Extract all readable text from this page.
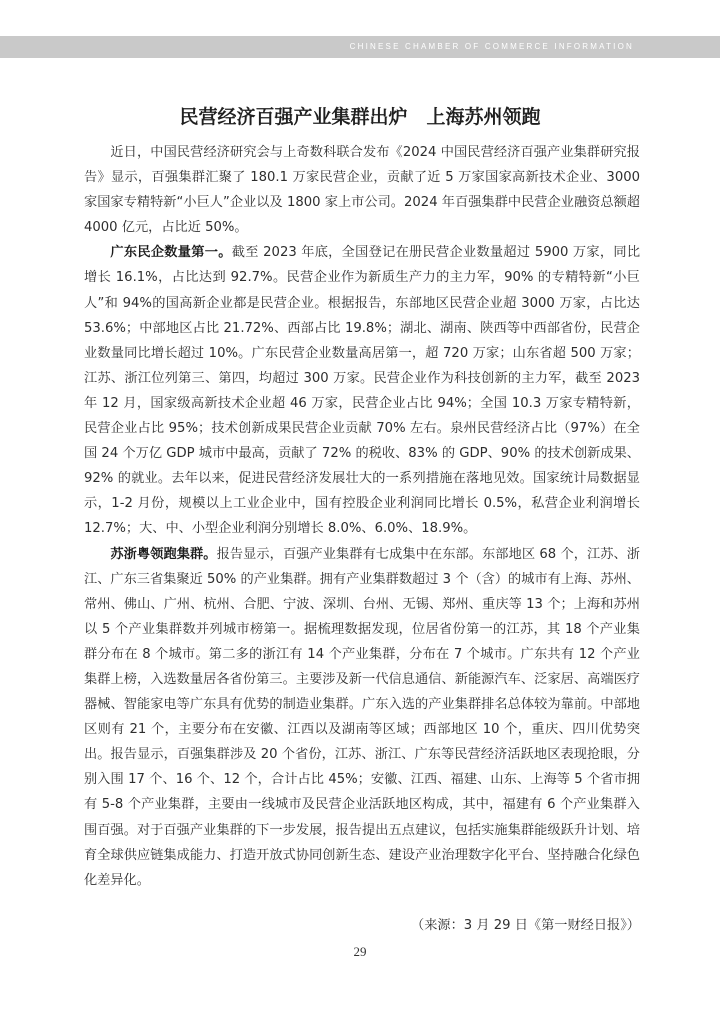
CHINESE CHAMBER OF COMMERCE INFORMATION
民营经济百强产业集群出炉　上海苏州领跑

近日，中国民营经济研究会与上奇数科联合发布《2024 中国民营经济百强产业集群研究报告》显示，百强集群汇聚了 180.1 万家民营企业，贡献了近 5 万家国家高新技术企业、3000 家国家专精特新“小巨人”企业以及 1800 家上市公司。2024 年百强集群中民营企业融资总额超 4000 亿元，占比近 50%。

广东民企数量第一。截至 2023 年底，全国登记在册民营企业数量超过 5900 万家，同比增长 16.1%，占比达到 92.7%。民营企业作为新质生产力的主力军，90% 的专精特新“小巨人”和 94%的国高新企业都是民营企业。根据报告，东部地区民营企业超 3000 万家，占比达 53.6%；中部地区占比 21.72%、西部占比 19.8%；湖北、湖南、陕西等中西部省份，民营企业数量同比增长超过 10%。广东民营企业数量高居第一，超 720 万家；山东省超 500 万家；江苏、浙江位列第三、第四，均超过 300 万家。民营企业作为科技创新的主力军，截至 2023 年 12 月，国家级高新技术企业超 46 万家，民营企业占比 94%；全国 10.3 万家专精特新，民营企业占比 95%；技术创新成果民营企业贡献 70% 左右。泉州民营经济占比（97%）在全国 24 个万亿 GDP 城市中最高，贡献了 72% 的税收、83% 的 GDP、90% 的技术创新成果、92% 的就业。去年以来，促进民营经济发展壮大的一系列措施在落地见效。国家统计局数据显示，1-2 月份，规模以上工业企业中，国有控股企业利润同比增长 0.5%，私营企业利润增长 12.7%；大、中、小型企业利润分别增长 8.0%、6.0%、18.9%。

苏浙粤领跑集群。报告显示，百强产业集群有七成集中在东部。东部地区 68 个，江苏、浙江、广东三省集聚近 50% 的产业集群。拥有产业集群数超过 3 个（含）的城市有上海、苏州、常州、佛山、广州、杭州、合肥、宁波、深圳、台州、无锡、郑州、重庆等 13 个；上海和苏州以 5 个产业集群数并列城市榜第一。据梳理数据发现，位居省份第一的江苏，其 18 个产业集群分布在 8 个城市。第二多的浙江有 14 个产业集群，分布在 7 个城市。广东共有 12 个产业集群上榜，入选数量居各省份第三。主要涉及新一代信息通信、新能源汽车、泛家居、高端医疗器械、智能家电等广东具有优势的制造业集群。广东入选的产业集群排名总体较为靠前。中部地区则有 21 个，主要分布在安徽、江西以及湖南等区域；西部地区 10 个，重庆、四川优势突出。报告显示，百强集群涉及 20 个省份，江苏、浙江、广东等民营经济活跃地区表现抢眼，分别入围 17 个、16 个、12 个，合计占比 45%；安徽、江西、福建、山东、上海等 5 个省市拥有 5-8 个产业集群，主要由一线城市及民营企业活跃地区构成，其中，福建有 6 个产业集群入围百强。对于百强产业集群的下一步发展，报告提出五点建议，包括实施集群能级跃升计划、培育全球供应链集成能力、打造开放式协同创新生态、建设产业治理数字化平台、坚持融合化绿色化差异化。

（来源：3 月 29 日《第一财经日报》）
29
